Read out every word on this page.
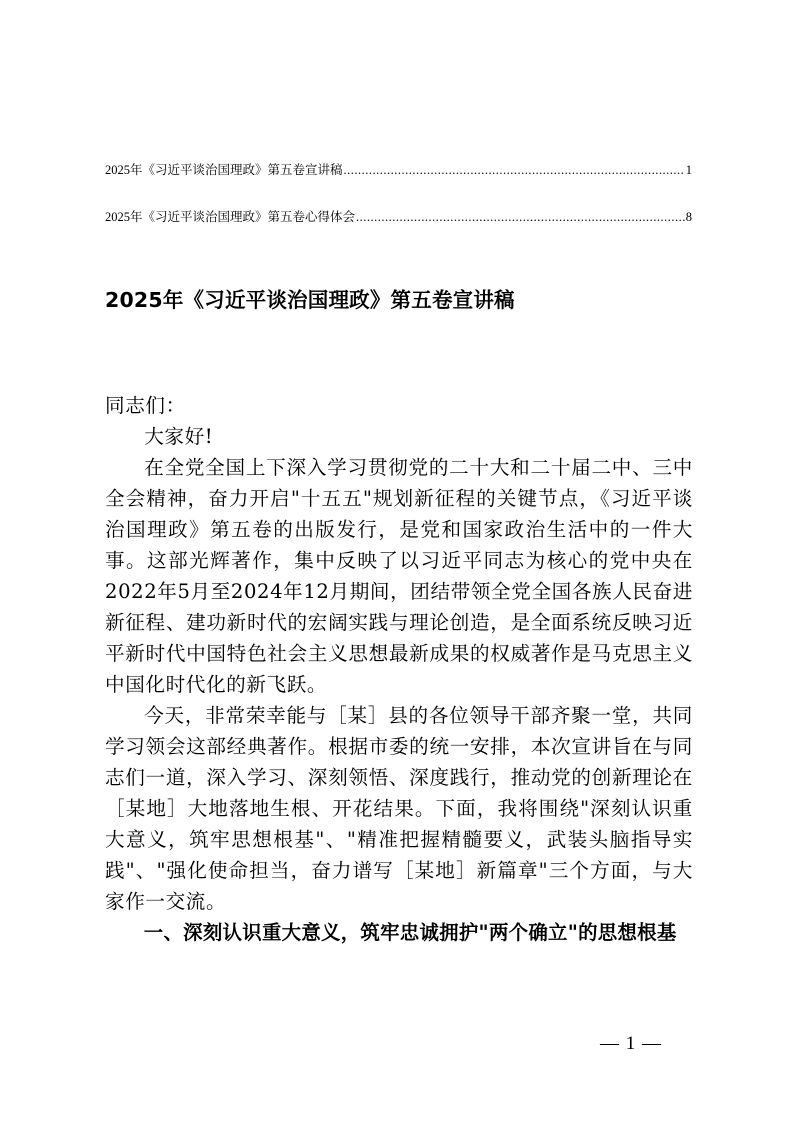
2025年《习近平谈治国理政》第五卷宣讲稿 .....	1
2025年《习近平谈治国理政》第五卷心得体会 .....	8
2025年《习近平谈治国理政》第五卷宣讲稿

同志们：

大家好!

在全党全国上下深入学习贯彻党的二十大和二十届二中、三中全会精神，奋力开启"十五五"规划新征程的关键节点，《习近平谈治国理政》第五卷的出版发行，是党和国家政治生活中的一件大事。这部光辉著作，集中反映了以习近平同志为核心的党中央在2022年5月至2024年12月期间，团结带领全党全国各族人民奋进新征程、建功新时代的宏阔实践与理论创造，是全面系统反映习近平新时代中国特色社会主义思想最新成果的权威著作是马克思主义中国化时代化的新飞跃。

今天，非常荣幸能与［某］县的各位领导干部齐聚一堂，共同学习领会这部经典著作。根据市委的统一安排，本次宣讲旨在与同志们一道，深入学习、深刻领悟、深度践行，推动党的创新理论在［某地］大地落地生根、开花结果。下面，我将围绕"深刻认识重大意义，筑牢思想根基"、"精准把握精髓要义，武装头脑指导实践"、"强化使命担当，奋力谱写［某地］新篇章"三个方面，与大家作一交流。

一、深刻认识重大意义，筑牢忠诚拥护"两个确立"的思想根基

— 1 —
